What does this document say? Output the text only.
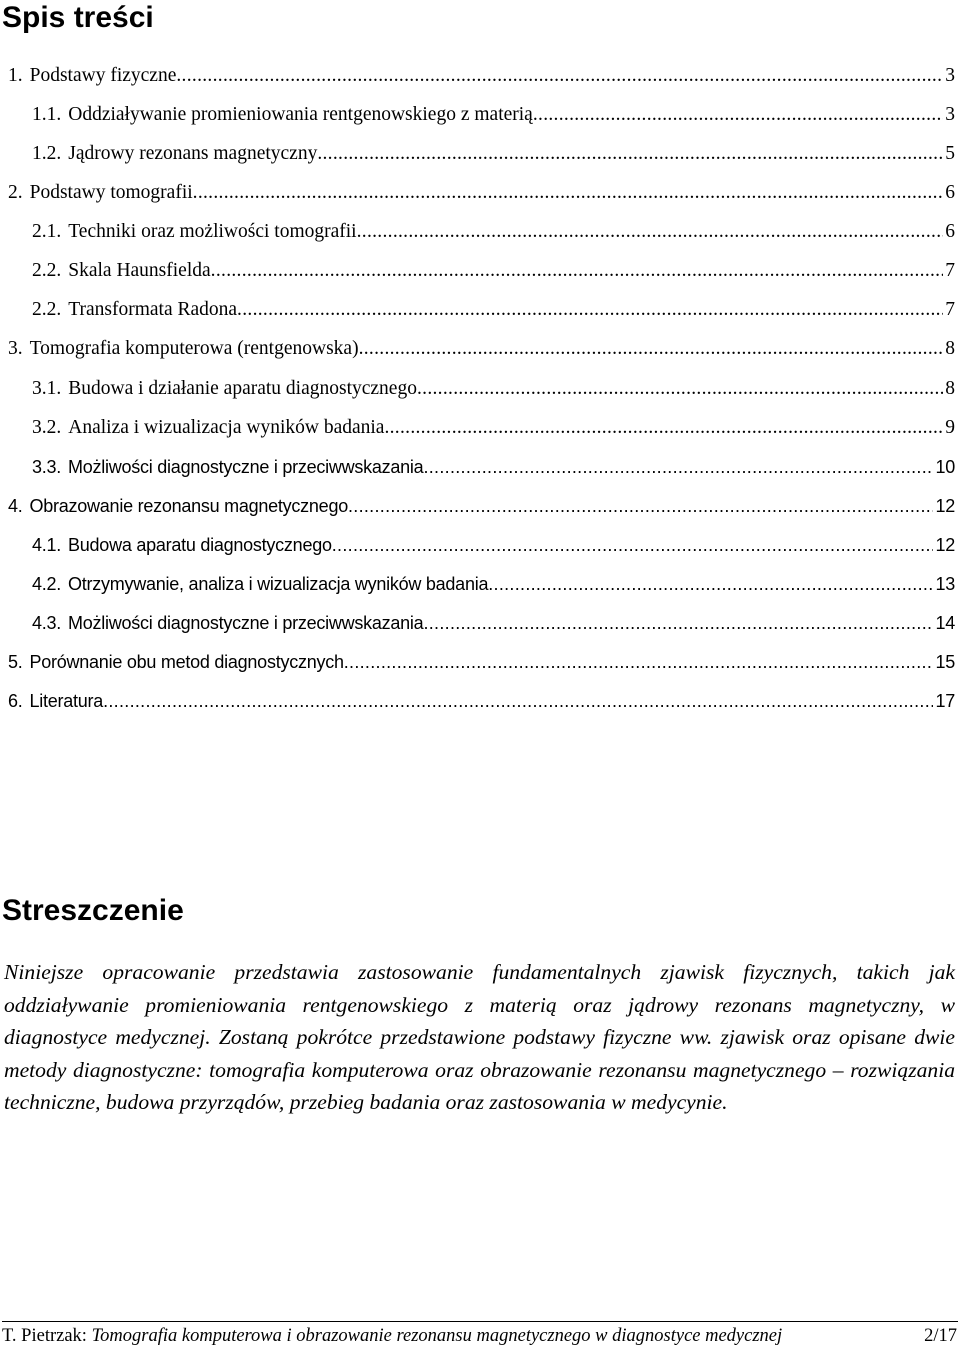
Spis treści
1. Podstawy fizyczne .....	3
1.1. Oddziaływanie promieniowania rentgenowskiego z materią .....	3
1.2. Jądrowy rezonans magnetyczny .....	5
2. Podstawy tomografii .....	6
2.1. Techniki oraz możliwości tomografii .....	6
2.2. Skala Haunsfielda .....	7
2.2. Transformata Radona .....	7
3. Tomografia komputerowa (rentgenowska) .....	8
3.1. Budowa i działanie aparatu diagnostycznego .....	8
3.2. Analiza i wizualizacja wyników badania .....	9
3.3. Możliwości diagnostyczne i przeciwwskazania .....	10
4. Obrazowanie rezonansu magnetycznego .....	12
4.1. Budowa aparatu diagnostycznego .....	12
4.2. Otrzymywanie, analiza i wizualizacja wyników badania .....	13
4.3. Możliwości diagnostyczne i przeciwwskazania .....	14
5. Porównanie obu metod diagnostycznych .....	15
6. Literatura .....	17
Streszczenie

Niniejsze opracowanie przedstawia zastosowanie fundamentalnych zjawisk fizycznych, takich jak oddziaływanie promieniowania rentgenowskiego z materią oraz jądrowy rezonans magnetyczny, w diagnostyce medycznej. Zostaną pokrótce przedstawione podstawy fizyczne ww. zjawisk oraz opisane dwie metody diagnostyczne: tomografia komputerowa oraz obrazowanie rezonansu magnetycznego – rozwiązania techniczne, budowa przyrządów, przebieg badania oraz zastosowania w medycynie.

T. Pietrzak: Tomografia komputerowa i obrazowanie rezonansu magnetycznego w diagnostyce medycznej	2/17
